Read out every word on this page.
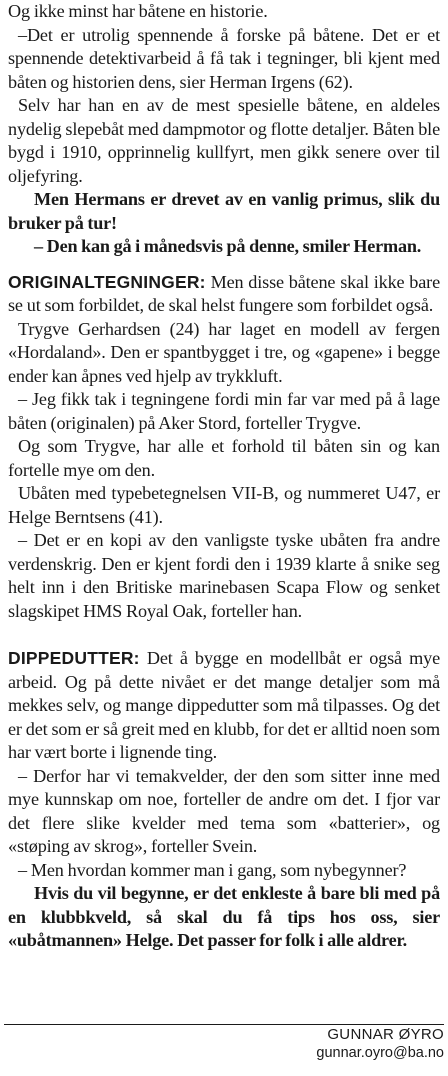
Og ikke minst har båtene en historie.

–Det er utrolig spennende å forske på båtene. Det er et spennende detektivarbeid å få tak i tegninger, bli kjent med båten og historien dens, sier Herman Irgens (62).

Selv har han en av de mest spesielle båtene, en aldeles nydelig slepebåt med dampmotor og flotte detaljer. Båten ble bygd i 1910, opprinnelig kullfyrt, men gikk senere over til oljefyring.

Men Hermans er drevet av en vanlig primus, slik du bruker på tur!

– Den kan gå i månedsvis på denne, smiler Herman.

ORIGINALTEGNINGER: Men disse båtene skal ikke bare se ut som forbildet, de skal helst fungere som forbildet også.

Trygve Gerhardsen (24) har laget en modell av fergen «Hordaland». Den er spantbygget i tre, og «gapene» i begge ender kan åpnes ved hjelp av trykkluft.

– Jeg fikk tak i tegningene fordi min far var med på å lage båten (originalen) på Aker Stord, forteller Trygve.

Og som Trygve, har alle et forhold til båten sin og kan fortelle mye om den.

Ubåten med typebetegnelsen VII-B, og nummeret U47, er Helge Berntsens (41).

– Det er en kopi av den vanligste tyske ubåten fra andre verdenskrig. Den er kjent fordi den i 1939 klarte å snike seg helt inn i den Britiske marinebasen Scapa Flow og senket slagskipet HMS Royal Oak, forteller han.

DIPPEDUTTER: Det å bygge en modellbåt er også mye arbeid. Og på dette nivået er det mange detaljer som må mekkes selv, og mange dippedutter som må tilpasses. Og det er det som er så greit med en klubb, for det er alltid noen som har vært borte i lignende ting.

– Derfor har vi temakvelder, der den som sitter inne med mye kunnskap om noe, forteller de andre om det. I fjor var det flere slike kvelder med tema som «batterier», og «støping av skrog», forteller Svein.

– Men hvordan kommer man i gang, som nybegynner?

Hvis du vil begynne, er det enkleste å bare bli med på en klubbkveld, så skal du få tips hos oss, sier «ubåtmannen» Helge. Det passer for folk i alle aldrer.

GUNNAR ØYRO
gunnar.oyro@ba.no
